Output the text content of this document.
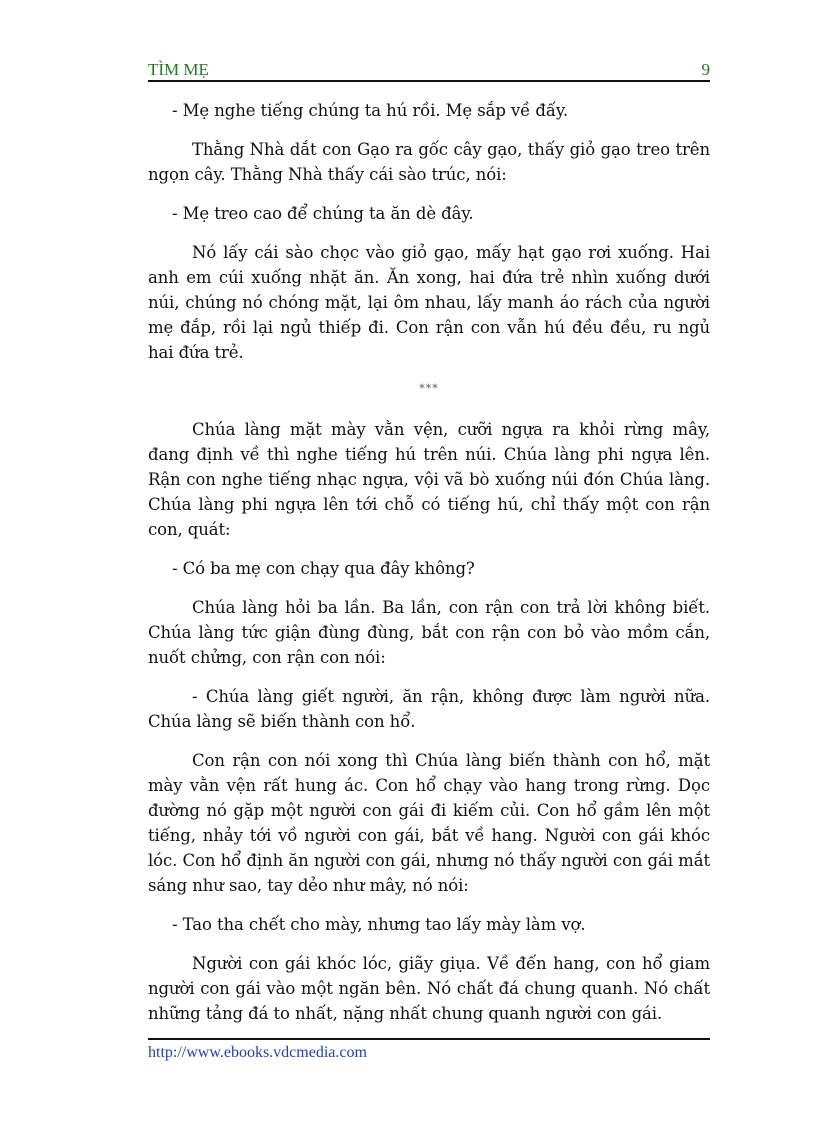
TÌM MẸ	9

- Mẹ nghe tiếng chúng ta hú rồi. Mẹ sắp về đấy.

Thằng Nhà dắt con Gạo ra gốc cây gạo, thấy giỏ gạo treo trên ngọn cây. Thằng Nhà thấy cái sào trúc, nói:

- Mẹ treo cao để chúng ta ăn dè đây.

Nó lấy cái sào chọc vào giỏ gạo, mấy hạt gạo rơi xuống. Hai anh em cúi xuống nhặt ăn. Ăn xong, hai đứa trẻ nhìn xuống dưới núi, chúng nó chóng mặt, lại ôm nhau, lấy manh áo rách của người mẹ đắp, rồi lại ngủ thiếp đi. Con rận con vẫn hú đều đều, ru ngủ hai đứa trẻ.

***

Chúa làng mặt mày vằn vện, cưỡi ngựa ra khỏi rừng mây, đang định về thì nghe tiếng hú trên núi. Chúa làng phi ngựa lên. Rận con nghe tiếng nhạc ngựa, vội vã bò xuống núi đón Chúa làng. Chúa làng phi ngựa lên tới chỗ có tiếng hú, chỉ thấy một con rận con, quát:

- Có ba mẹ con chạy qua đây không?

Chúa làng hỏi ba lần. Ba lần, con rận con trả lời không biết. Chúa làng tức giận đùng đùng, bắt con rận con bỏ vào mồm cắn, nuốt chửng, con rận con nói:

- Chúa làng giết người, ăn rận, không được làm người nữa. Chúa làng sẽ biến thành con hổ.

Con rận con nói xong thì Chúa làng biến thành con hổ, mặt mày vằn vện rất hung ác. Con hổ chạy vào hang trong rừng. Dọc đường nó gặp một người con gái đi kiếm củi. Con hổ gầm lên một tiếng, nhảy tới vồ người con gái, bắt về hang. Người con gái khóc lóc. Con hổ định ăn người con gái, nhưng nó thấy người con gái mắt sáng như sao, tay dẻo như mây, nó nói:

- Tao tha chết cho mày, nhưng tao lấy mày làm vợ.

Người con gái khóc lóc, giãy giụa. Về đến hang, con hổ giam người con gái vào một ngăn bên. Nó chất đá chung quanh. Nó chất những tảng đá to nhất, nặng nhất chung quanh người con gái.

http://www.ebooks.vdcmedia.com
